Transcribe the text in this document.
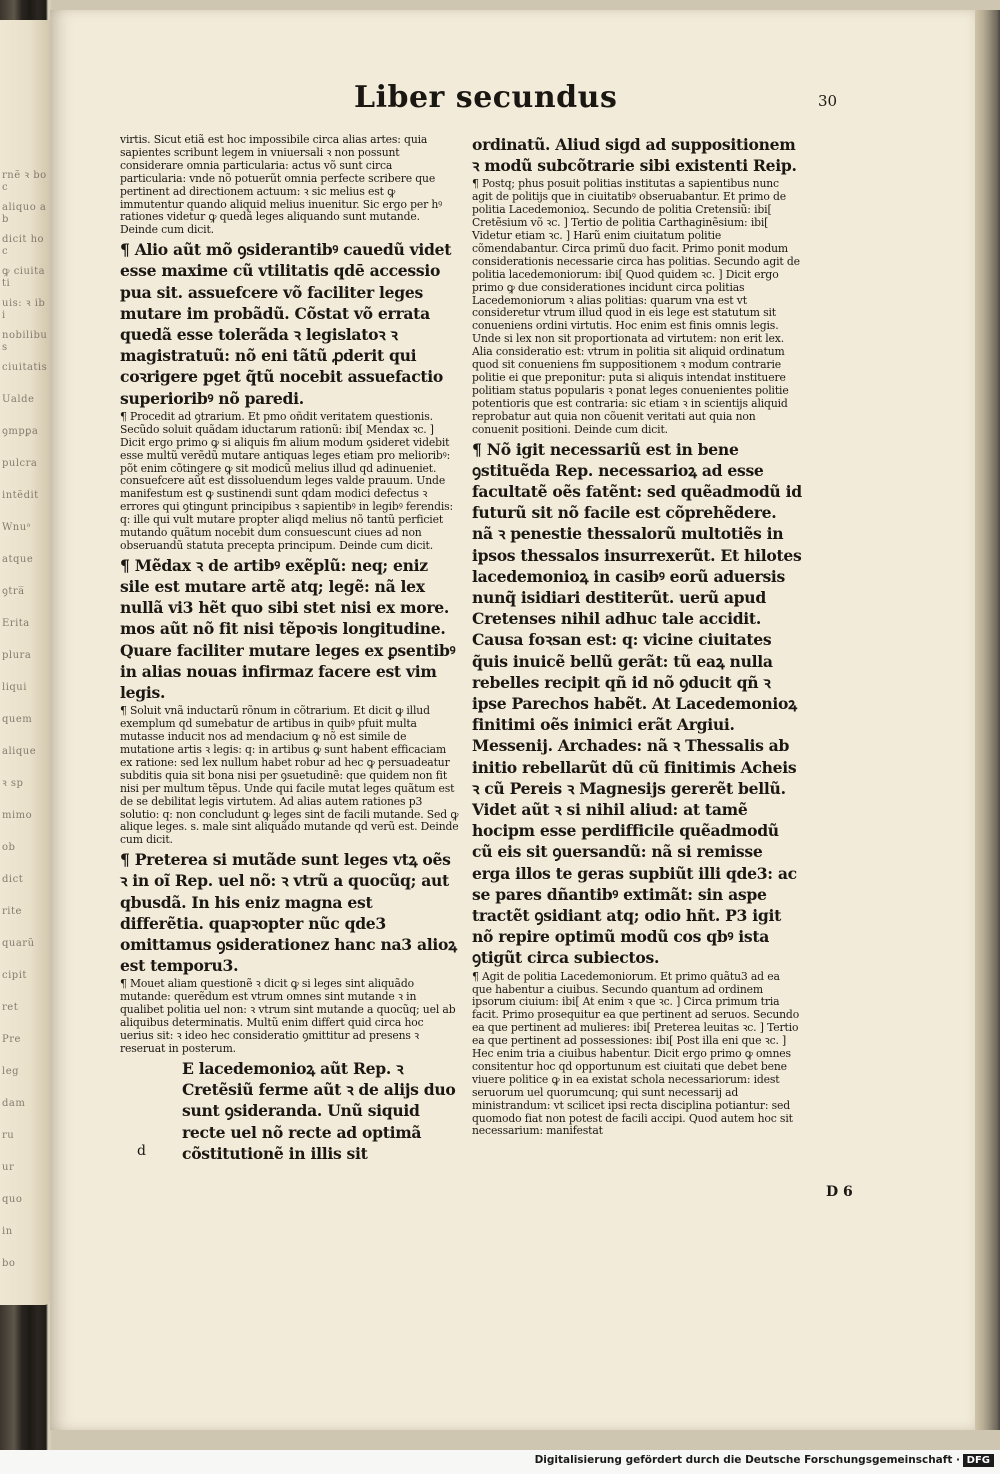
rnẽ ꝛ boc
aliquo ab
dicit hoc
ꝙ ciuitati
uis: ꝛ ibi
nobilibus
ciuitatis
Ualde
ꝯmpꝑa
pulcra
intẽdit
Wnuᵃ
atque
ꝯtra̅
Erita
plura
liqui
quem
alique
ꝛ sp
mimo
ob
dict
rite
quarũ
cipit
ret
Pre
leg
dam
ru
ur
quo
in
bo
Liber secundus	30

virtis. Sicut etiã est hoc impossibile circa alias artes: quia sapientes scribunt legem in vniuersali ꝛ non possunt considerare omnia particularia: actus võ sunt circa particularia: vnde nõ potuerũt omnia perfecte scribere que pertinent ad directionem actuum: ꝛ sic melius est ꝙ immutentur quando aliquid melius inuenitur. Sic ergo per hꝰ rationes videtur ꝙ quedã leges aliquando sunt mutande. Deinde cum dicit.

¶ Alio aũt mõ ꝯsiderantibꝰ cauedũ videt esse maxime cũ vtilitatis qdē accessio pua sit. assuefcere võ faciliter leges mutare im probãdũ. Cõstat võ errata quedã esse tolerãda ꝛ legislatoꝛ ꝛ magistratuũ: nõ eni tãtũ ꝓderit qui coꝛrigere pget q̃tũ nocebit assuefactio superioribꝰ nõ paredi.

¶ Procedit ad ꝯtrarium. Et pmo oñdit veritatem questionis. Secũdo soluit quãdam iductarum rationũ: ibi[ Mendax ꝛc. ] Dicit ergo primo ꝙ si aliquis fm alium modum ꝯsideret videbit esse multũ verẽdũ mutare antiquas leges etiam pro melioribꝰ: põt enim cõtingere ꝙ sit modicũ melius illud qd adinueniet. consuefcere aũt est dissoluendum leges valde prauum. Unde manifestum est ꝙ sustinendi sunt qdam modici defectus ꝛ errores qui ꝯtingunt principibus ꝛ sapientibꝰ in legibꝰ ferendis: q: ille qui vult mutare propter aliqd melius nõ tantũ perficiet mutando quãtum nocebit dum consuescunt ciues ad non obseruandũ statuta precepta principum. Deinde cum dicit.

¶ Mẽdax ꝛ de artibꝰ exẽplũ: neq; eniz sile est mutare artẽ atq; legẽ: nã lex nullã vi3 hẽt quo sibi stet nisi ex more. mos aũt nõ fit nisi tẽpoꝛis longitudine. Quare faciliter mutare leges ex ꝑsentibꝰ in alias nouas infirmaz facere est vim legis.

¶ Soluit vnã inductarũ rõnum in cõtrarium. Et dicit ꝙ illud exemplum qd sumebatur de artibus in quibꝰ pfuit multa mutasse inducit nos ad mendacium ꝙ nõ est simile de mutatione artis ꝛ legis: q: in artibus ꝙ sunt habent efficaciam ex ratione: sed lex nullum habet robur ad hec ꝙ persuadeatur subditis quia sit bona nisi per ꝯsuetudinẽ: que quidem non fit nisi per multum tẽpus. Unde qui facile mutat leges quãtum est de se debilitat legis virtutem. Ad alias autem rationes p3 solutio: q: non concludunt ꝙ leges sint de facili mutande. Sed ꝙ alique leges. s. male sint aliquãdo mutande qd verũ est. Deinde cum dicit.

¶ Preterea si mutãde sunt leges vtꝝ oẽs ꝛ in oĩ Rep. uel nõ: ꝛ vtrũ a quocũq; aut qbusdã. In his eniz magna est differẽtia. quapꝛopter nũc qde3 omittamus ꝯsiderationez hanc na3 alioꝝ est temporu3.

¶ Mouet aliam questionẽ ꝛ dicit ꝙ si leges sint aliquãdo mutande: querẽdum est vtrum omnes sint mutande ꝛ in qualibet politia uel non: ꝛ vtrum sint mutande a quocũq; uel ab aliquibus determinatis. Multũ enim differt quid circa hoc uerius sit: ꝛ ideo hec consideratio ꝯmittitur ad presens ꝛ reseruat in posterum.

E lacedemonioꝝ aũt Rep. ꝛ Cretẽsiũ ferme aũt ꝛ de alijs duo sunt ꝯsideranda. Unũ siquid recte uel nõ recte ad optimã cõstitutionẽ in illis sit

ordinatũ. Aliud sigd ad suppositionem ꝛ modũ subcõtrarie sibi existenti Reip.

¶ Postq; phus posuit politias institutas a sapientibus nunc agit de politijs que in ciuitatibꝰ obseruabantur. Et primo de politia Lacedemonioꝝ. Secundo de politia Cretensiũ: ibi[ Cretẽsium võ ꝛc. ] Tertio de politia Carthaginẽsium: ibi[ Videtur etiam ꝛc. ] Harũ enim ciuitatum politie cõmendabantur. Circa primũ duo facit. Primo ponit modum considerationis necessarie circa has politias. Secundo agit de politia lacedemoniorum: ibi[ Quod quidem ꝛc. ] Dicit ergo primo ꝙ due considerationes incidunt circa politias Lacedemoniorum ꝛ alias politias: quarum vna est vt consideretur vtrum illud quod in eis lege est statutum sit conueniens ordini virtutis. Hoc enim est finis omnis legis. Unde si lex non sit proportionata ad virtutem: non erit lex. Alia consideratio est: vtrum in politia sit aliquid ordinatum quod sit conueniens fm suppositionem ꝛ modum contrarie politie ei que preponitur: puta si aliquis intendat instituere politiam status popularis ꝛ ponat leges conuenientes politie potentioris que est contraria: sic etiam ꝛ in scientijs aliquid reprobatur aut quia non cõuenit veritati aut quia non conuenit positioni. Deinde cum dicit.

¶ Nõ igit necessariũ est in bene ꝯstituẽda Rep. necessarioꝝ ad esse facultatẽ oẽs fatẽnt: sed quẽadmodũ id futurũ sit nõ facile est cõprehẽdere. nã ꝛ penestie thessalorũ multotiẽs in ipsos thessalos insurrexerũt. Et hilotes lacedemonioꝝ in casibꝰ eorũ aduersis nunq̃ isidiari destiterũt. uerũ apud Cretenses nihil adhuc tale accidit. Causa foꝛsan est: q: vicine ciuitates q̃uis inuicẽ bellũ gerãt: tũ eaꝝ nulla rebelles recipit qñ id nõ ꝯducit qñ ꝛ ipse Parechos habẽt. At Lacedemonioꝝ finitimi oẽs inimici erãt Argiui. Messenĳ. Archades: nã ꝛ Thessalis ab initio rebellarũt dũ cũ finitimis Acheis ꝛ cũ Pereis ꝛ Magnesĳs gererẽt bellũ. Videt aũt ꝛ si nihil aliud: at tamẽ hocipm esse perdifficile quẽadmodũ cũ eis sit ꝯuersandũ: nã si remisse erga illos te geras supbiũt illi qde3: ac se pares dñantibꝰ extimãt: sin aspe tractẽt ꝯsidiant atq; odio hñt. P3 igit nõ repire optimũ modũ cos qbꝰ ista ꝯtigũt circa subiectos.

¶ Agit de politia Lacedemoniorum. Et primo quãtu3 ad ea que habentur a ciuibus. Secundo quantum ad ordinem ipsorum ciuium: ibi[ At enim ꝛ que ꝛc. ] Circa primum tria facit. Primo prosequitur ea que pertinent ad seruos. Secundo ea que pertinent ad mulieres: ibi[ Preterea leuitas ꝛc. ] Tertio ea que pertinent ad possessiones: ibi[ Post illa eni que ꝛc. ] Hec enim tria a ciuibus habentur. Dicit ergo primo ꝙ omnes consitentur hoc qd opportunum est ciuitati que debet bene viuere politice ꝙ in ea existat schola necessariorum: idest seruorum uel quorumcunq; qui sunt necessarij ad ministrandum: vt scilicet ipsi recta disciplina potiantur: sed quomodo fiat non potest de facili accipi. Quod autem hoc sit necessarium: manifestat

d
D 6
Digitalisierung gefördert durch die Deutsche Forschungsgemeinschaft · DFG
